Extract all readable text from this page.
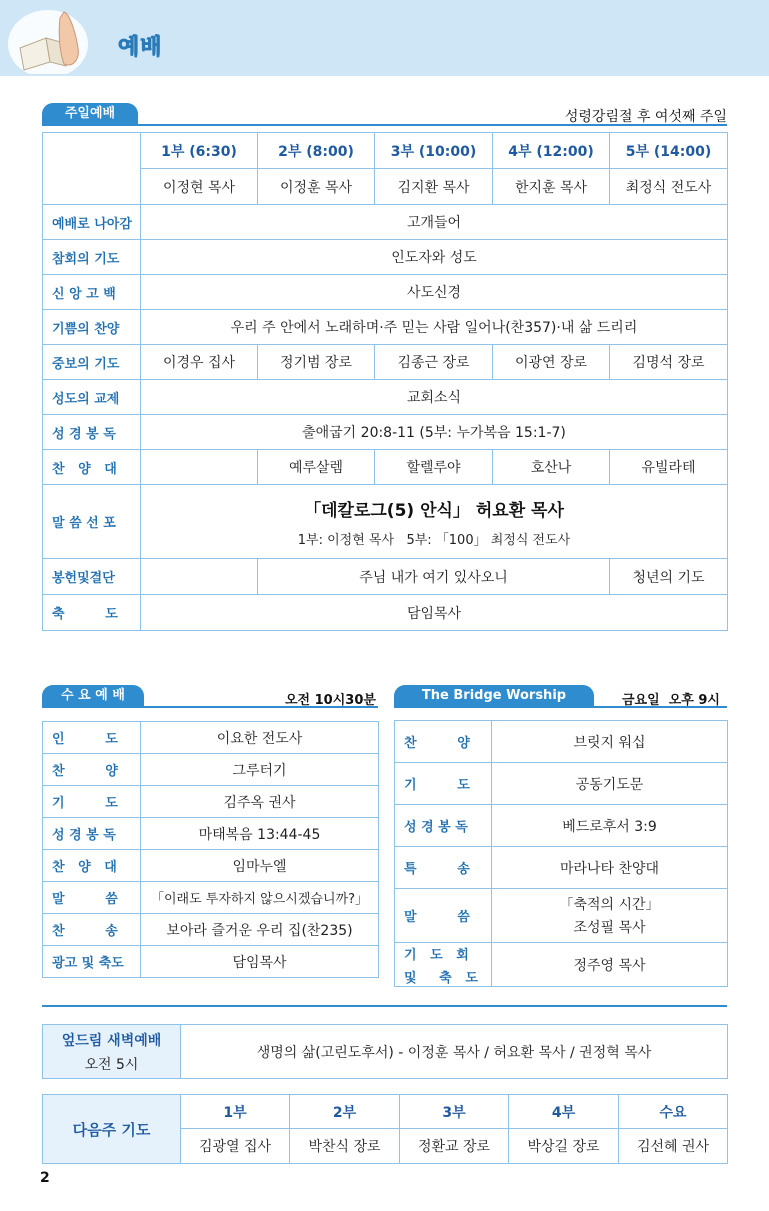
예배
주일예배	성령강림절 후 여섯째 주일
	1부 (6:30)	2부 (8:00)	3부 (10:00)	4부 (12:00)	5부 (14:00)
	이정현 목사	이정훈 목사	김지환 목사	한지훈 목사	최정식 전도사
예배로 나아감	고개들어				
참회의 기도	인도자와 성도				
신 앙 고 백	사도신경				
기쁨의 찬양	우리 주 안에서 노래하며·주 믿는 사람 일어나(찬357)·내 삶 드리리				
중보의 기도	이경우 집사	정기범 장로	김종근 장로	이광연 장로	김명석 장로
성도의 교제	교회소식				
성 경 봉 독	출애굽기 20:8-11 (5부: 누가복음 15:1-7)				
찬   양   대		예루살렘	할렐루야	호산나	유빌라테
말 씀 선 포	「데칼로그(5) 안식」 허요환 목사
1부: 이정현 목사   5부: 「100」 최정식 전도사				

봉헌및결단		주님 내가 여기 있사오니			청년의 기도
축         도	담임목사				
수 요 예 배	오전 10시30분
인         도	이요한 전도사
찬         양	그루터기
기         도	김주옥 권사
성 경 봉 독	마태복음 13:44-45
찬   양   대	임마누엘
말         씀	「이래도 투자하지 않으시겠습니까?」
찬         송	보아라 즐거운 우리 집(찬235)
광고 및 축도	담임목사
The Bridge Worship	금요일  오후 9시
찬         양	브릿지 워십

기         도	공동기도문

성 경 봉 독	베드로후서 3:9

특         송	마라나타 찬양대

말         씀	「축적의 시간」
조성필 목사

기   도   회
및     축   도	정주영 목사
엎드림 새벽예배
오전 5시
	생명의 삶(고린도후서) - 이정훈 목사 / 허요환 목사 / 권정혁 목사
다음주 기도	1부	2부	3부	4부	수요
	김광열 집사	박찬식 장로	정환교 장로	박상길 장로	김선혜 권사
2
